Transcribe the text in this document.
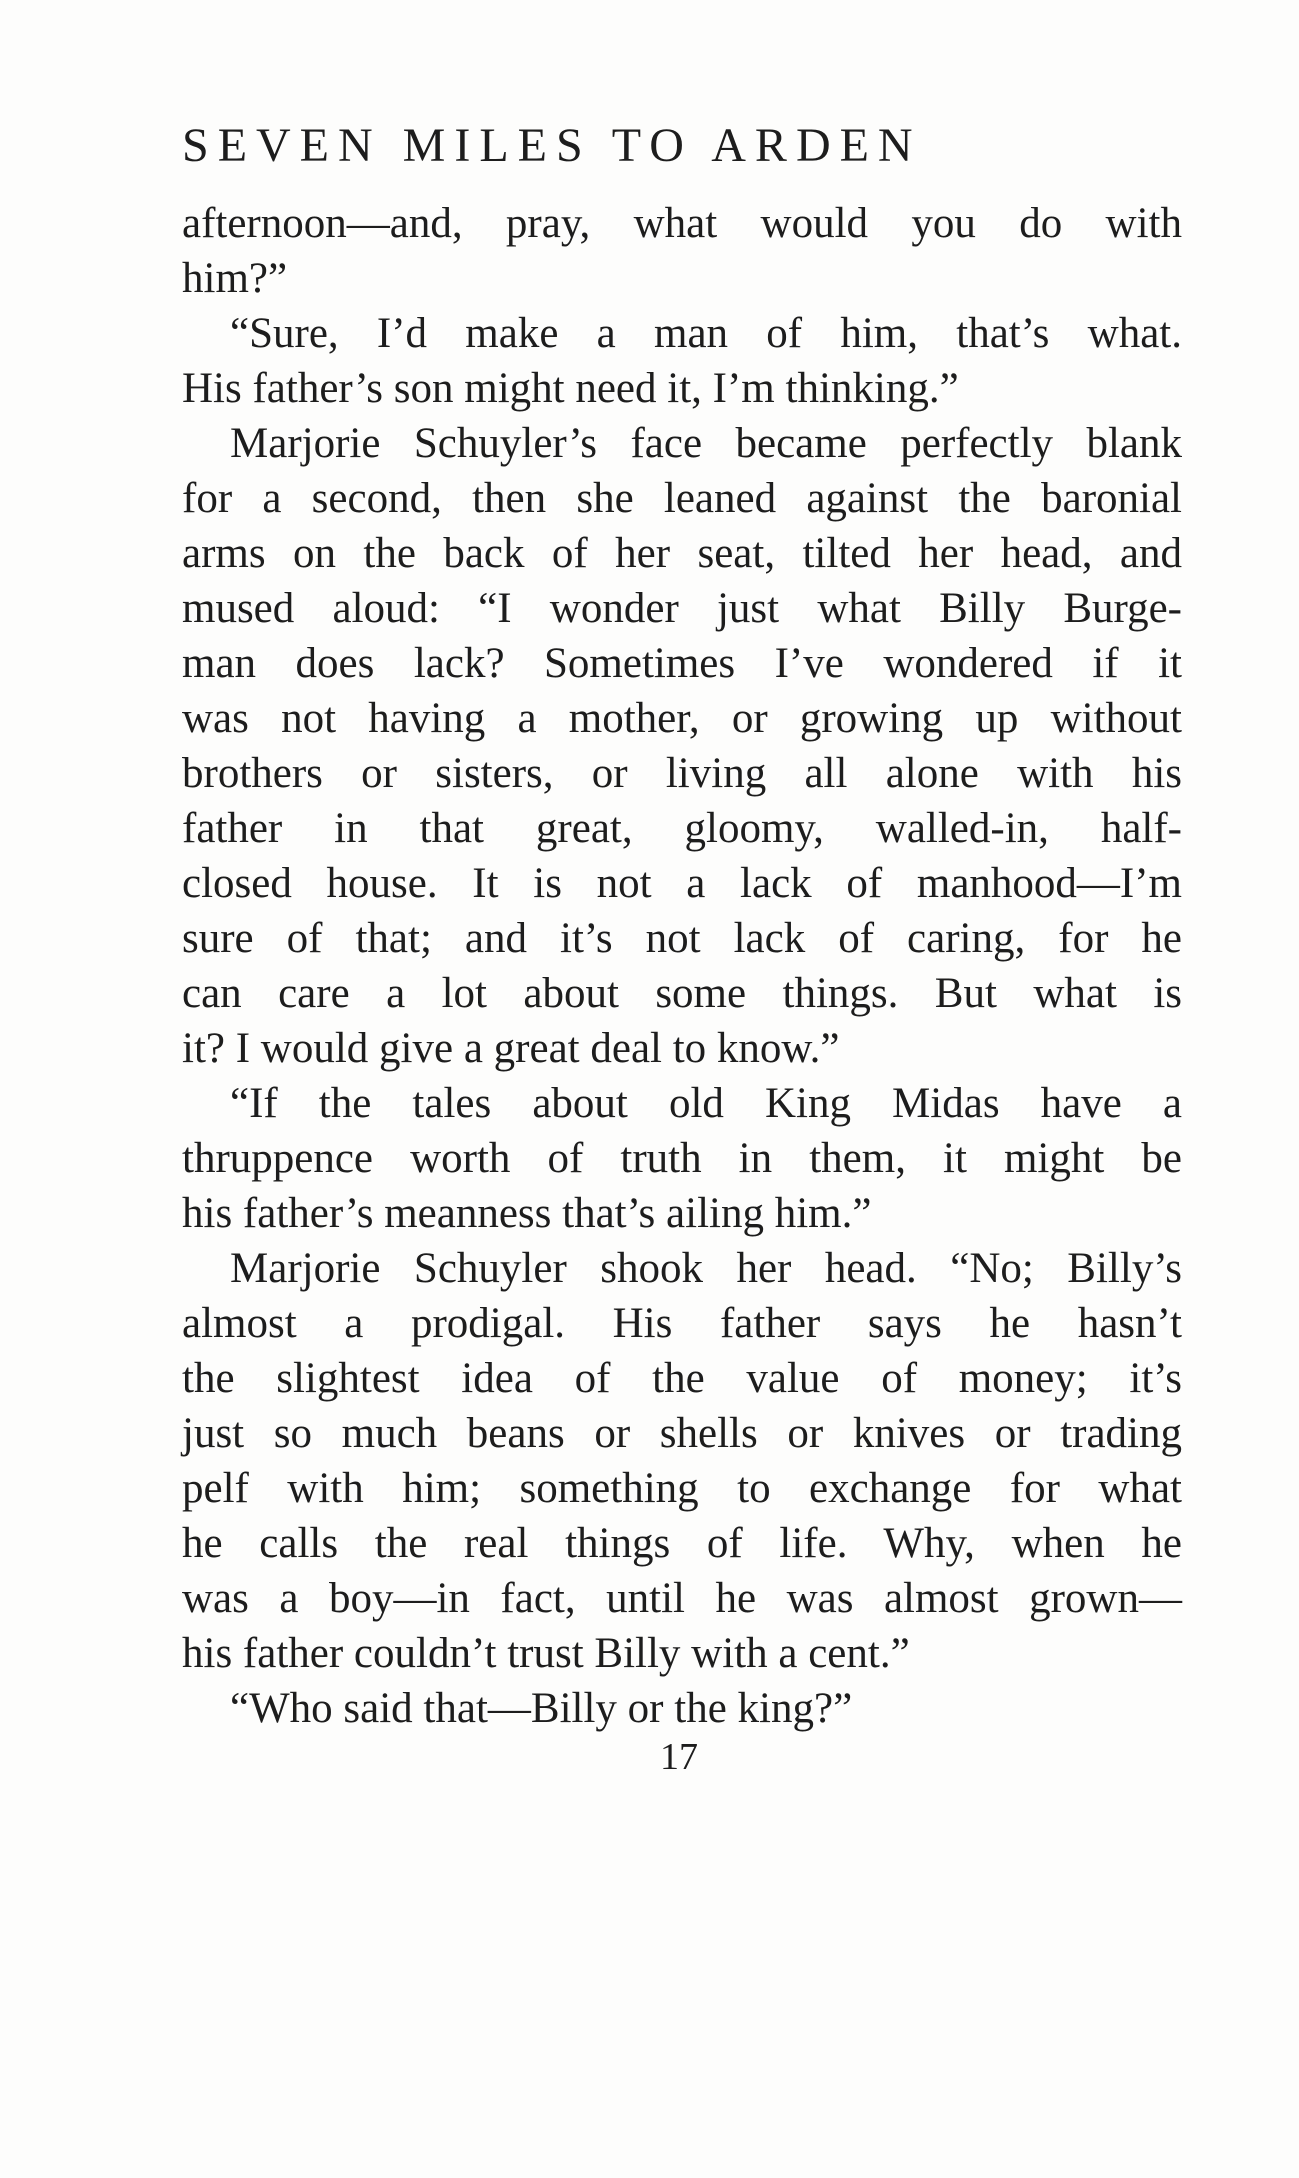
SEVEN MILES TO ARDEN
afternoon—and, pray, what would you do with
him?”
“Sure, I’d make a man of him, that’s what.
His father’s son might need it, I’m thinking.”
Marjorie Schuyler’s face became perfectly blank
for a second, then she leaned against the baronial
arms on the back of her seat, tilted her head, and
mused aloud: “I wonder just what Billy Burge-
man does lack? Sometimes I’ve wondered if it
was not having a mother, or growing up without
brothers or sisters, or living all alone with his
father in that great, gloomy, walled-in, half-
closed house. It is not a lack of manhood—I’m
sure of that; and it’s not lack of caring, for he
can care a lot about some things. But what is
it? I would give a great deal to know.”
“If the tales about old King Midas have a
thruppence worth of truth in them, it might be
his father’s meanness that’s ailing him.”
Marjorie Schuyler shook her head. “No; Billy’s
almost a prodigal. His father says he hasn’t
the slightest idea of the value of money; it’s
just so much beans or shells or knives or trading
pelf with him; something to exchange for what
he calls the real things of life. Why, when he
was a boy—in fact, until he was almost grown—
his father couldn’t trust Billy with a cent.”
“Who said that—Billy or the king?”
17
